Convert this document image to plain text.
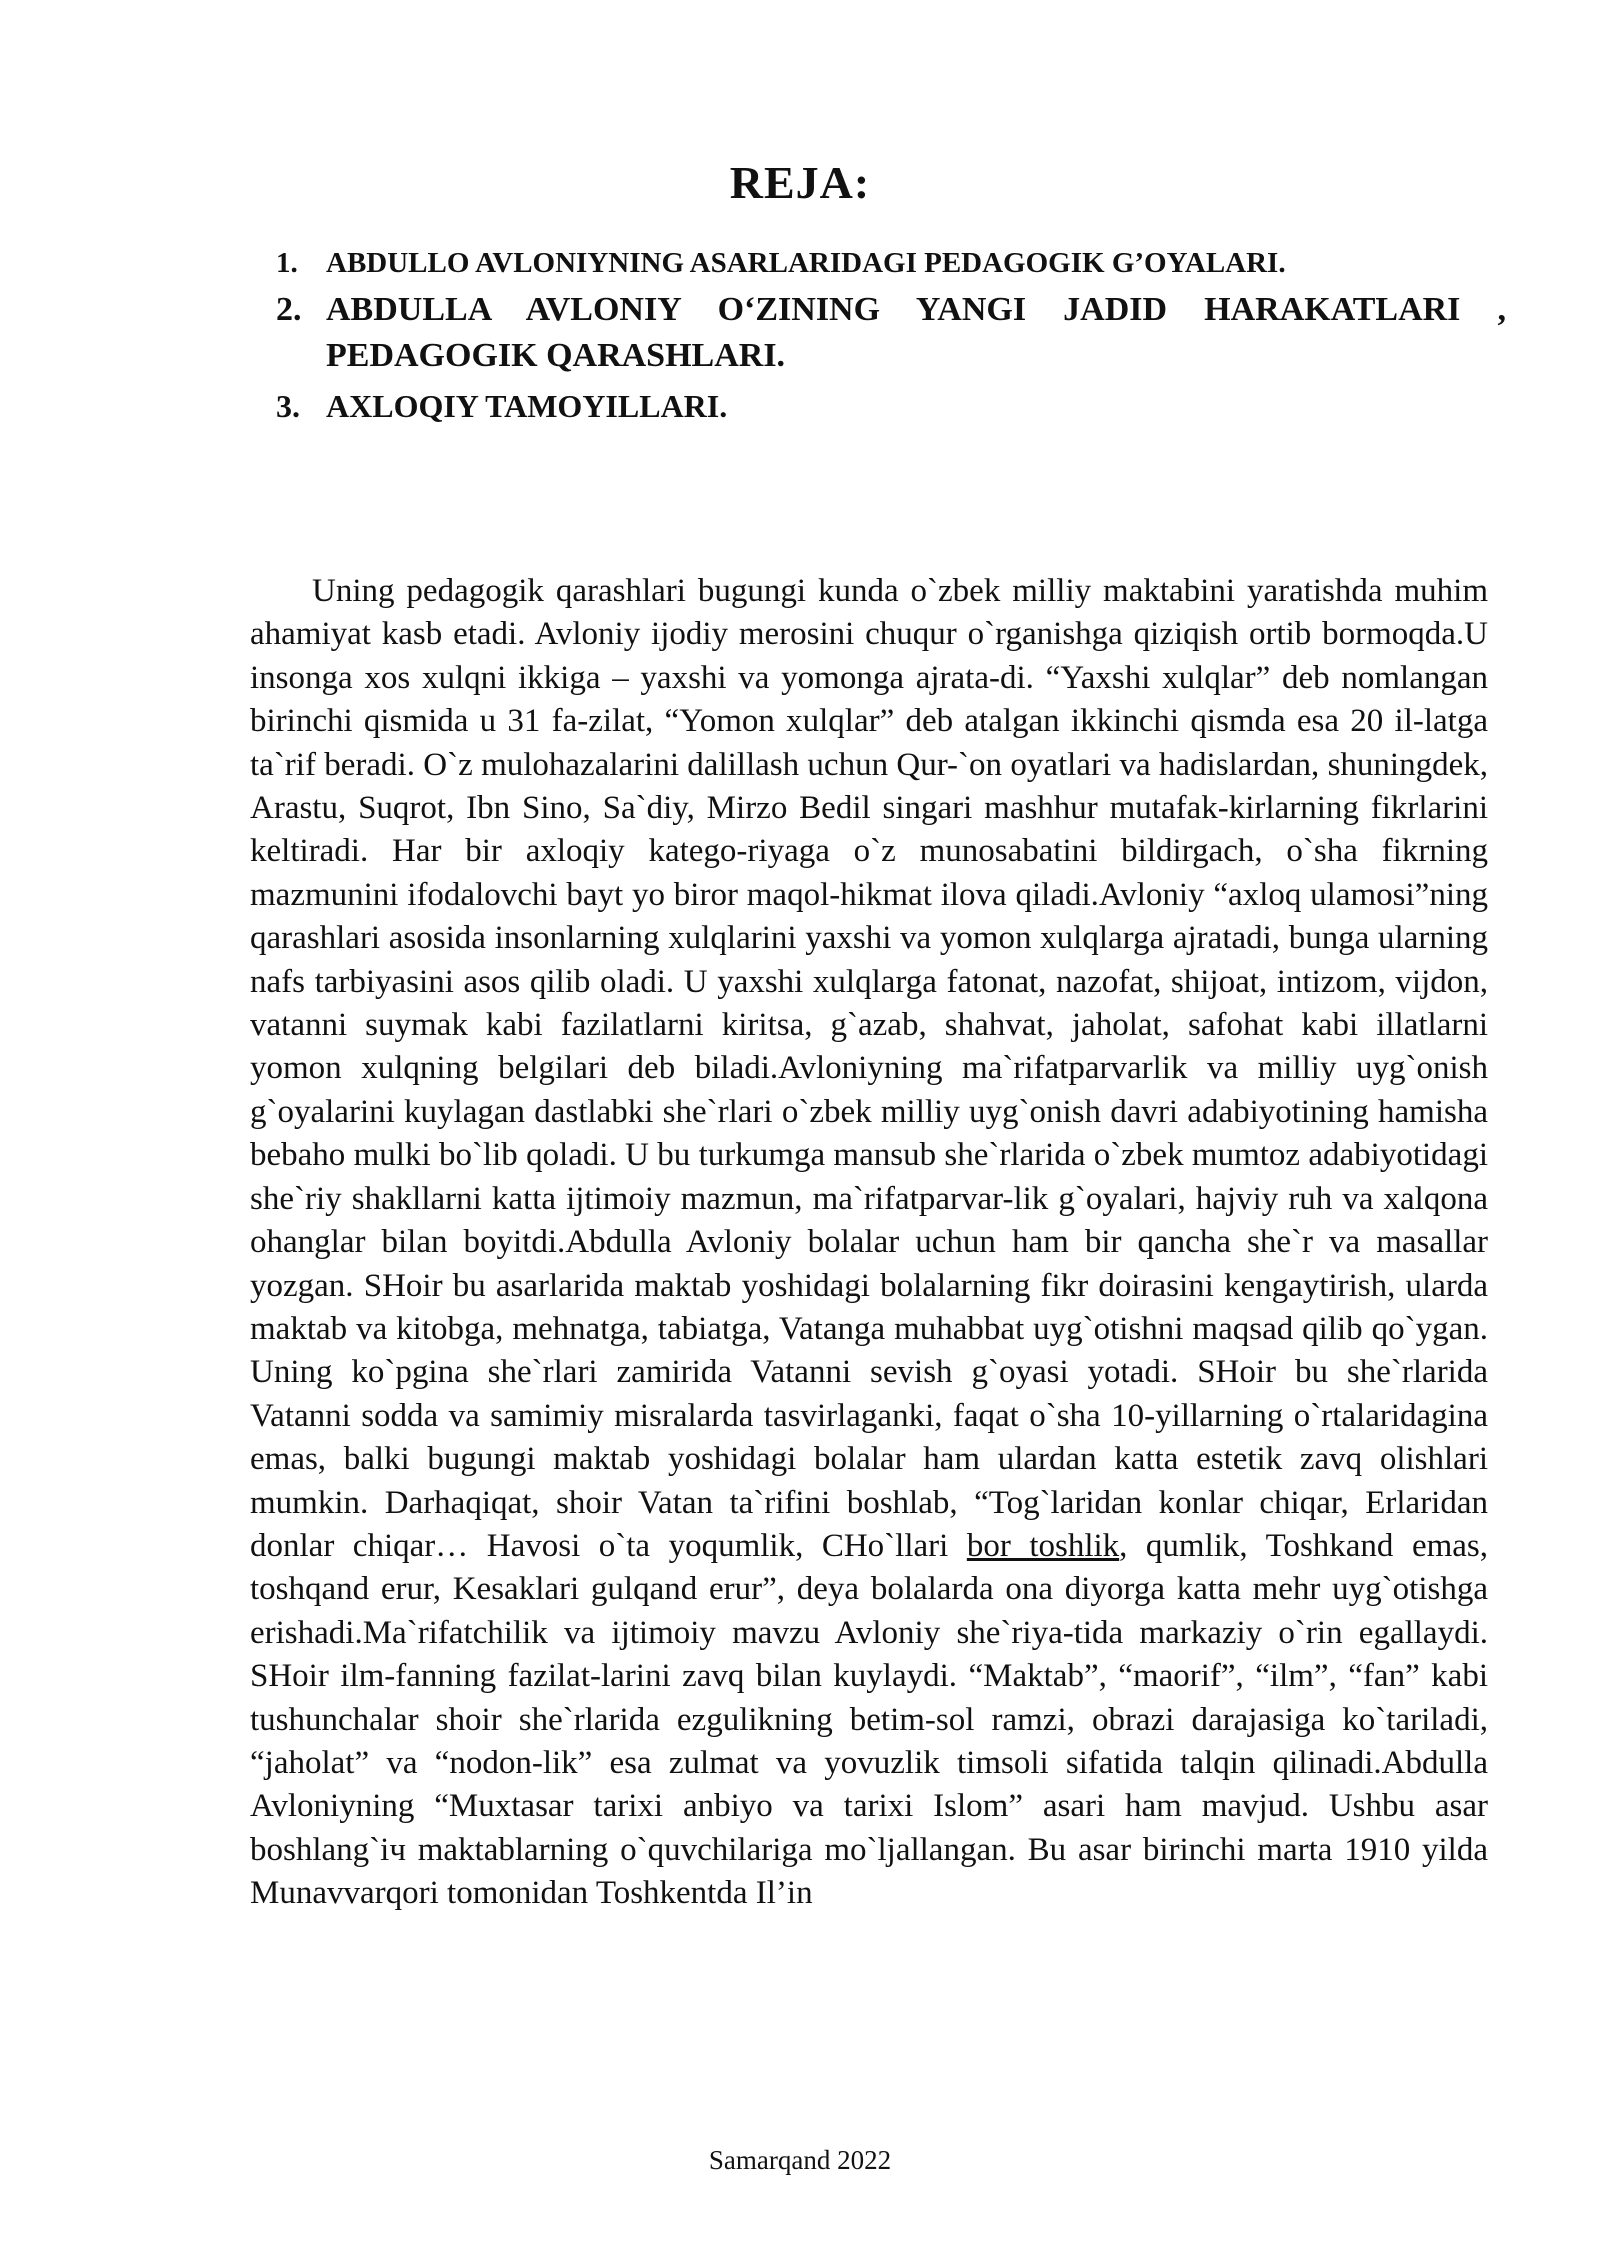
REJA:
1. ABDULLO AVLONIYNING ASARLARIDAGI PEDAGOGIK G’OYALARI.
2. ABDULLA AVLONIY O‘ZINING YANGI JADID HARAKATLARI , PEDAGOGIK QARASHLARI.
3. AXLOQIY TAMOYILLARI.

Uning pedagogik qarashlari bugungi kunda o`zbek milliy maktabini yaratishda muhim ahamiyat kasb etadi. Avloniy ijodiy merosini chuqur o`rganishga qiziqish ortib bormoqda.U insonga xos xulqni ikkiga – yaxshi va yomonga ajrata-di. “Yaxshi xulqlar” deb nomlangan birinchi qismida u 31 fa-zilat, “Yomon xulqlar” deb atalgan ikkinchi qismda esa 20 il-latga ta`rif beradi. O`z mulohazalarini dalillash uchun Qur-`on oyatlari va hadislardan, shuningdek, Arastu, Suqrot, Ibn Sino, Sa`diy, Mirzo Bedil singari mashhur mutafak-kirlarning fikrlarini keltiradi. Har bir axloqiy katego-riyaga o`z munosabatini bildirgach, o`sha fikrning mazmunini ifodalovchi bayt yo biror maqol-hikmat ilova qiladi.Avloniy “axloq ulamosi”ning qarashlari asosida insonlarning xulqlarini yaxshi va yomon xulqlarga ajratadi, bunga ularning nafs tarbiyasini asos qilib oladi. U yaxshi xulqlarga fatonat, nazofat, shijoat, intizom, vijdon, vatanni suymak kabi fazilatlarni kiritsa, g`azab, shahvat, jaholat, safohat kabi illatlarni yomon xulqning belgilari deb biladi.Avloniyning ma`rifatparvarlik va milliy uyg`onish g`oyalarini kuylagan dastlabki she`rlari o`zbek milliy uyg`onish davri adabiyotining hamisha bebaho mulki bo`lib qoladi. U bu turkumga mansub she`rlarida o`zbek mumtoz adabiyotidagi she`riy shakllarni katta ijtimoiy mazmun, ma`rifatparvar-lik g`oyalari, hajviy ruh va xalqona ohanglar bilan boyitdi.Abdulla Avloniy bolalar uchun ham bir qancha she`r va masallar yozgan. SHoir bu asarlarida maktab yoshidagi bolalarning fikr doirasini kengaytirish, ularda maktab va kitobga, mehnatga, tabiatga, Vatanga muhabbat uyg`otishni maqsad qilib qo`ygan. Uning ko`pgina she`rlari zamirida Vatanni sevish g`oyasi yotadi. SHoir bu she`rlarida Vatanni sodda va samimiy misralarda tasvirlaganki, faqat o`sha 10-yillarning o`rtalaridagina emas, balki bugungi maktab yoshidagi bolalar ham ulardan katta estetik zavq olishlari mumkin. Darhaqiqat, shoir Vatan ta`rifini boshlab, “Tog`laridan konlar chiqar, Erlaridan donlar chiqar… Havosi o`ta yoqumlik, CHo`llari bor toshlik, qumlik, Toshkand emas, toshqand erur, Kesaklari gulqand erur”, deya bolalarda ona diyorga katta mehr uyg`otishga erishadi.Ma`rifatchilik va ijtimoiy mavzu Avloniy she`riya-tida markaziy o`rin egallaydi. SHoir ilm-fanning fazilat-larini zavq bilan kuylaydi. “Maktab”, “maorif”, “ilm”, “fan” kabi tushunchalar shoir she`rlarida ezgulikning betim-sol ramzi, obrazi darajasiga ko`tariladi, “jaholat” va “nodon-lik” esa zulmat va yovuzlik timsoli sifatida talqin qilinadi.Abdulla Avloniyning “Muxtasar tarixi anbiyo va tarixi Islom” asari ham mavjud. Ushbu asar boshlang`iч maktablarning o`quvchilariga mo`ljallangan. Bu asar birinchi marta 1910 yilda Munavvarqori tomonidan Toshkentda Il’in

Samarqand 2022
